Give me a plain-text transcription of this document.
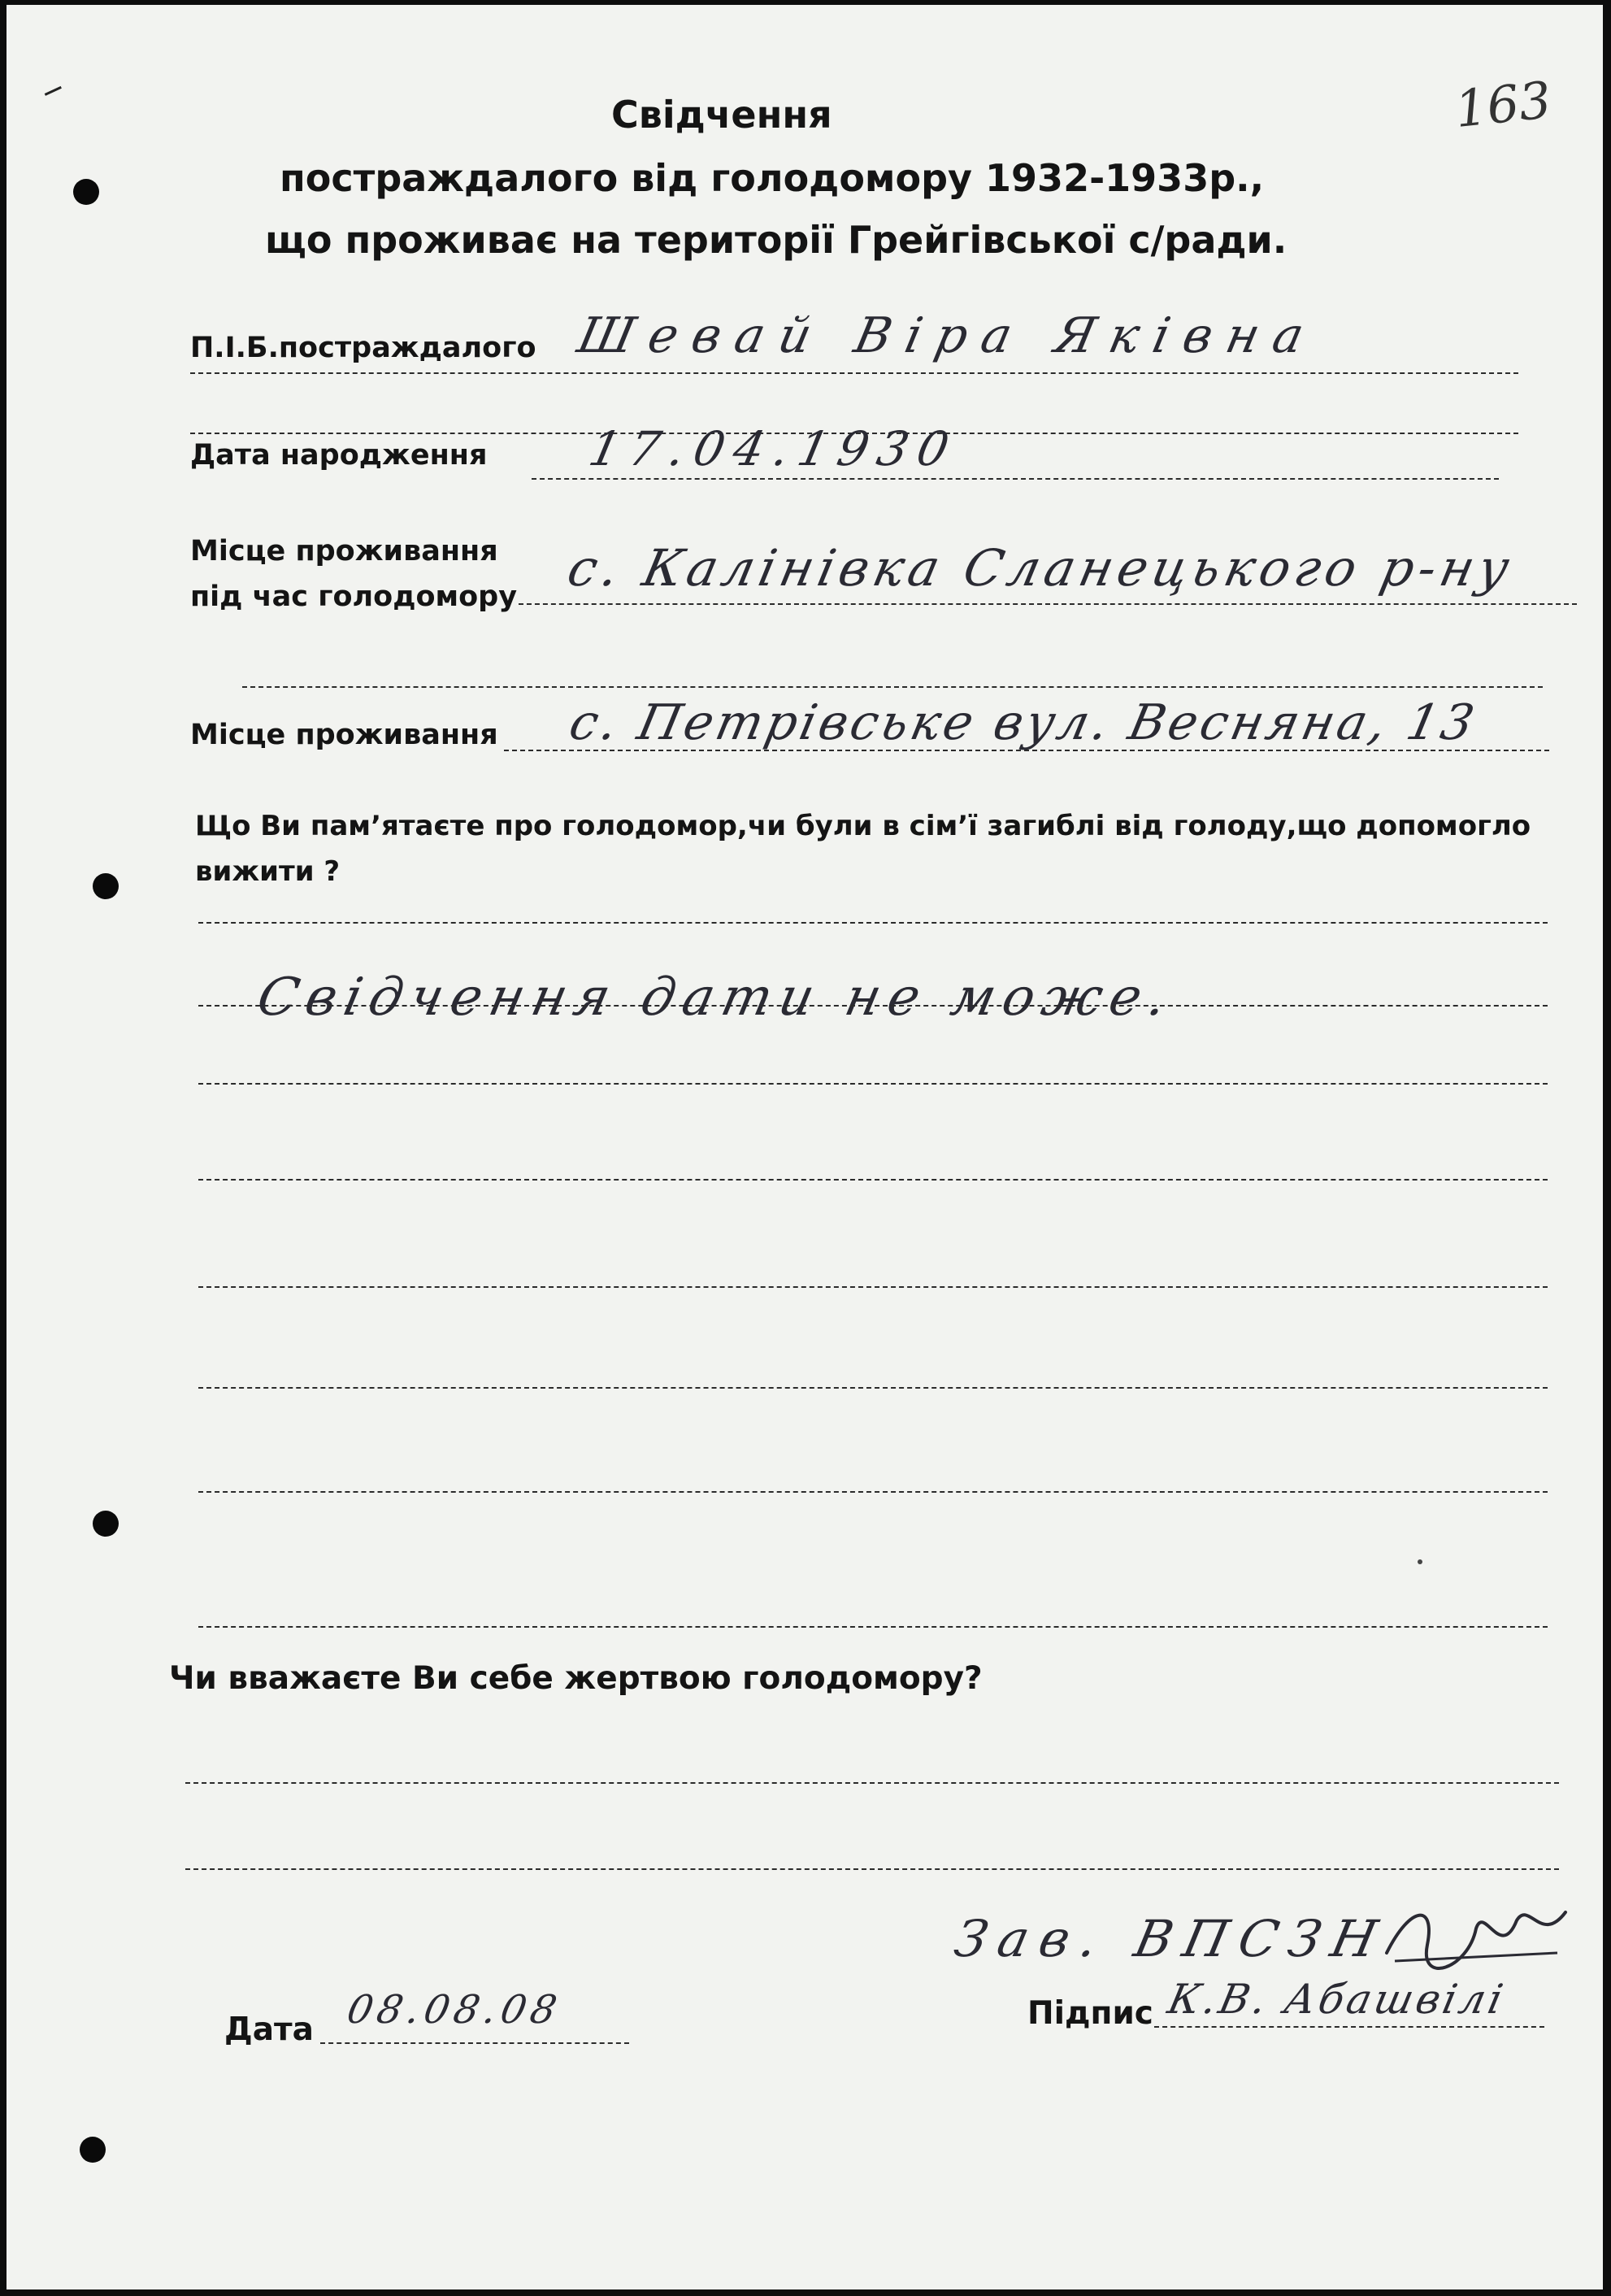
163
Свідчення
постраждалого від голодомору 1932-1933р.,
що проживає на території Грейгівської с/ради.
П.І.Б.постраждалого Шевай Віра Яківна
Дата народження 17.04.1930
Місце проживання
під час голодомору с. Калінівка Сланецького р-ну
Місце проживання с. Петрівське вул. Весняна, 13
Що Ви пам’ятаєте про голодомор,чи були в сім’ї загиблі від голоду,що допомогло
вижити ?
Свідчення дати не може.
Чи вважаєте Ви себе жертвою голодомору?
Дата 08.08.08
Зав. ВПСЗН
Підпис К.В. Абашвілі
